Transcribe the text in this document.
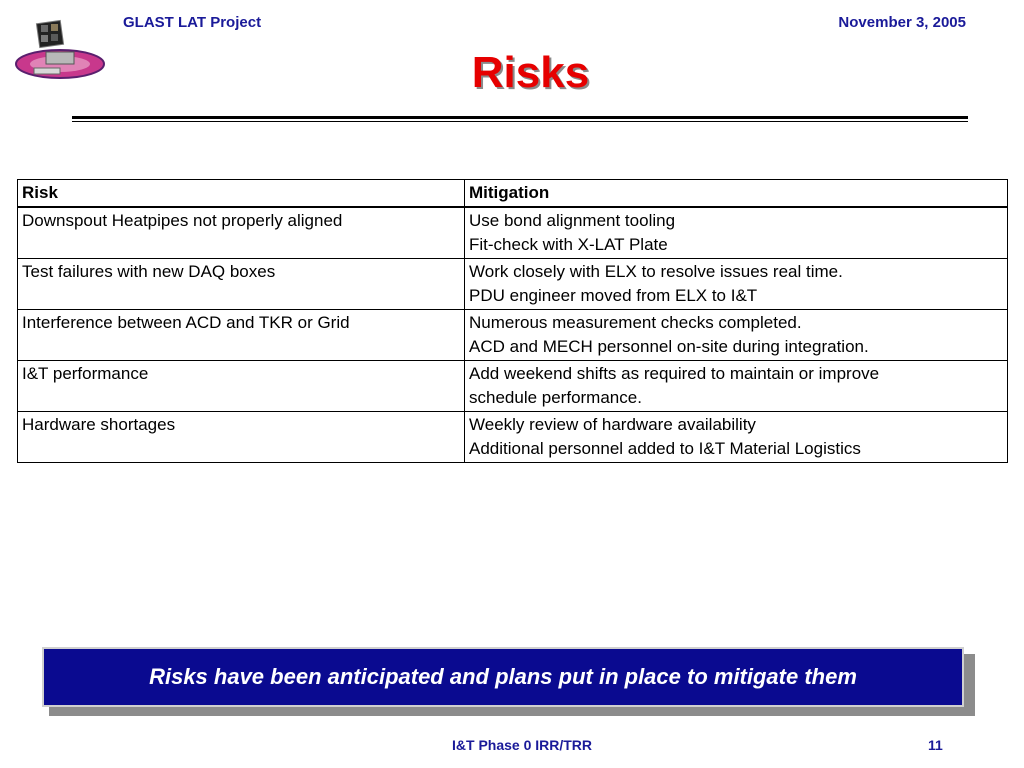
GLAST LAT Project	November 3, 2005
Risks
Risk	Mitigation
Downspout Heatpipes not properly aligned	Use bond alignment tooling
Fit-check with X-LAT Plate

Test failures with new DAQ boxes	Work closely with ELX to resolve issues real time.
PDU engineer moved from ELX to I&T

Interference between ACD and TKR or Grid	Numerous measurement checks completed.
ACD and MECH personnel on-site during integration.

I&T performance	Add weekend shifts as required to maintain or improve
schedule performance.

Hardware shortages	Weekly review of hardware availability
Additional personnel added to I&T Material Logistics
Risks have been anticipated and plans put in place to mitigate them
I&T Phase 0 IRR/TRR	11
